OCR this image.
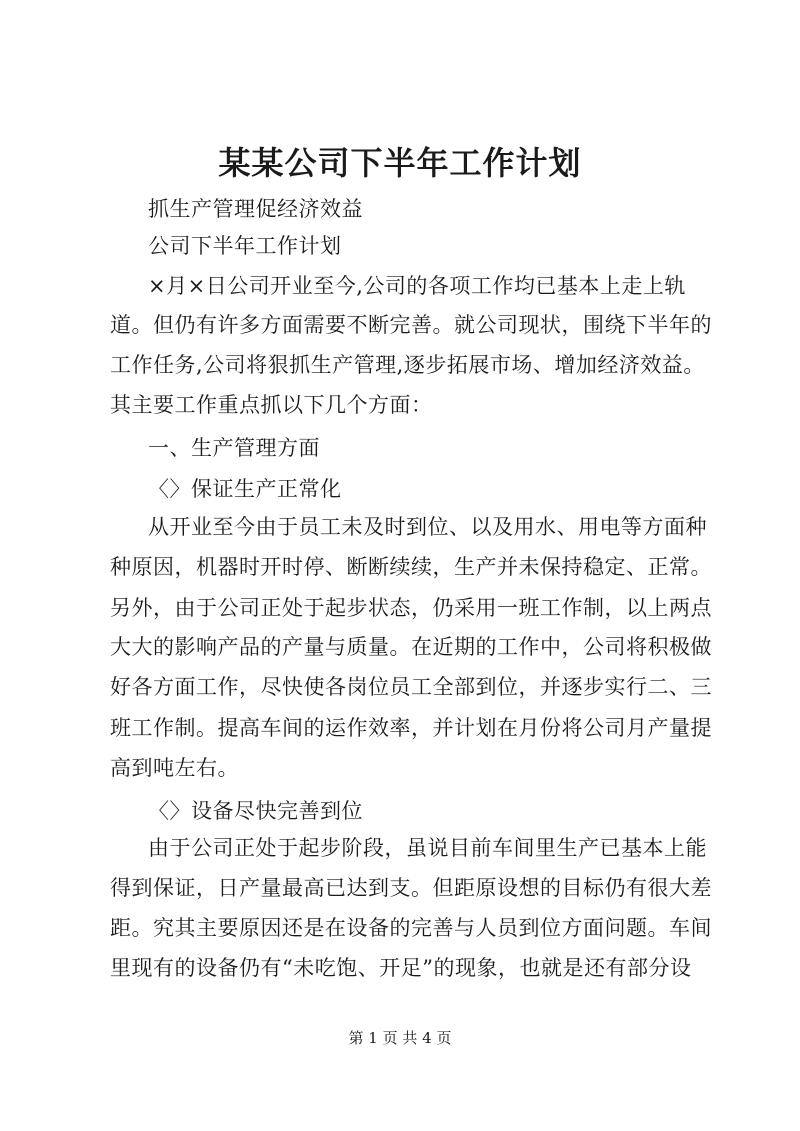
某某公司下半年工作计划
抓生产管理促经济效益
公司下半年工作计划
×月×日公司开业至今,公司的各项工作均已基本上走上轨
道。但仍有许多方面需要不断完善。就公司现状，围绕下半年的
工作任务,公司将狠抓生产管理,逐步拓展市场、增加经济效益。
其主要工作重点抓以下几个方面：
一、生产管理方面
〈〉保证生产正常化
从开业至今由于员工未及时到位、以及用水、用电等方面种
种原因，机器时开时停、断断续续，生产并未保持稳定、正常。
另外，由于公司正处于起步状态，仍采用一班工作制，以上两点
大大的影响产品的产量与质量。在近期的工作中，公司将积极做
好各方面工作，尽快使各岗位员工全部到位，并逐步实行二、三
班工作制。提高车间的运作效率，并计划在月份将公司月产量提
高到吨左右。
〈〉设备尽快完善到位
由于公司正处于起步阶段，虽说目前车间里生产已基本上能
得到保证，日产量最高已达到支。但距原设想的目标仍有很大差
距。究其主要原因还是在设备的完善与人员到位方面问题。车间
里现有的设备仍有“未吃饱、开足”的现象，也就是还有部分设
第 1 页 共 4 页
